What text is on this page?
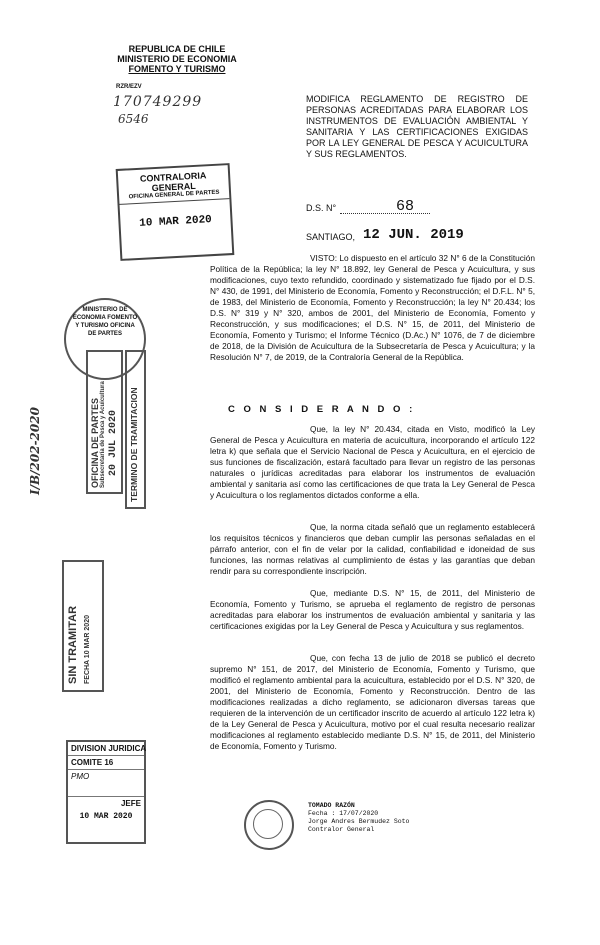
REPUBLICA DE CHILE
MINISTERIO DE ECONOMIA
FOMENTO Y TURISMO
RZR/EZV
170749299
6546
MODIFICA REGLAMENTO DE REGISTRO DE PERSONAS ACREDITADAS PARA ELABORAR LOS INSTRUMENTOS DE EVALUACIÓN AMBIENTAL Y SANITARIA Y LAS CERTIFICACIONES EXIGIDAS POR LA LEY GENERAL DE PESCA Y ACUICULTURA Y SUS REGLAMENTOS.
CONTRALORIA GENERAL
OFICINA GENERAL DE PARTES
10 MAR 2020
D.S. N°	68
SANTIAGO, 12 JUN. 2019
VISTO: Lo dispuesto en el artículo 32 N° 6 de la Constitución Política de la República; la ley N° 18.892, ley General de Pesca y Acuicultura, y sus modificaciones, cuyo texto refundido, coordinado y sistematizado fue fijado por el D.S. N° 430, de 1991, del Ministerio de Economía, Fomento y Reconstrucción; el D.F.L. N° 5, de 1983, del Ministerio de Economía, Fomento y Reconstrucción; la ley N° 20.434; los D.S. N° 319 y N° 320, ambos de 2001, del Ministerio de Economía, Fomento y Reconstrucción, y sus modificaciones; el D.S. N° 15, de 2011, del Ministerio de Economía, Fomento y Turismo; el Informe Técnico (D.Ac.) N° 1076, de 7 de diciembre de 2018, de la División de Acuicultura de la Subsecretaría de Pesca y Acuicultura; y la Resolución N° 7, de 2019, de la Contraloría General de la República.
C O N S I D E R A N D O :
Que, la ley N° 20.434, citada en Visto, modificó la Ley General de Pesca y Acuicultura en materia de acuicultura, incorporando el artículo 122 letra k) que señala que el Servicio Nacional de Pesca y Acuicultura, en el ejercicio de sus funciones de fiscalización, estará facultado para llevar un registro de las personas naturales o jurídicas acreditadas para elaborar los instrumentos de evaluación ambiental y sanitaria así como las certificaciones de que trata la Ley General de Pesca y Acuicultura o los reglamentos dictados conforme a ella.
Que, la norma citada señaló que un reglamento establecerá los requisitos técnicos y financieros que deban cumplir las personas señaladas en el párrafo anterior, con el fin de velar por la calidad, confiabilidad e idoneidad de sus funciones, las normas relativas al cumplimiento de éstas y las garantías que deban rendir para su correspondiente inscripción.
Que, mediante D.S. N° 15, de 2011, del Ministerio de Economía, Fomento y Turismo, se aprueba el reglamento de registro de personas acreditadas para elaborar los instrumentos de evaluación ambiental y sanitaria y las certificaciones exigidas por la Ley General de Pesca y Acuicultura y sus reglamentos.
Que, con fecha 13 de julio de 2018 se publicó el decreto supremo N° 151, de 2017, del Ministerio de Economía, Fomento y Turismo, que modificó el reglamento ambiental para la acuicultura, establecido por el D.S. N° 320, de 2001, del Ministerio de Economía, Fomento y Reconstrucción. Dentro de las modificaciones realizadas a dicho reglamento, se adicionaron diversas tareas que requieren de la intervención de un certificador inscrito de acuerdo al artículo 122 letra k) de la Ley General de Pesca y Acuicultura, motivo por el cual resulta necesario realizar modificaciones al reglamento establecido mediante D.S. N° 15, de 2011, del Ministerio de Economía, Fomento y Turismo.
MINISTERIO DE ECONOMIA FOMENTO Y TURISMO OFICINA DE PARTES
OFICINA DE PARTES Subsecretaría de Pesca y Acuicultura 20 JUL 2020 TERMINO DE TRAMITACION
I/B/202-2020
SIN TRAMITAR FECHA 10 MAR 2020
DIVISION JURIDICA
COMITE 16
PMO
JEFE
10 MAR 2020
TOMADO RAZÓN
Fecha : 17/07/2020
Jorge Andres Bermudez Soto
Contralor General
